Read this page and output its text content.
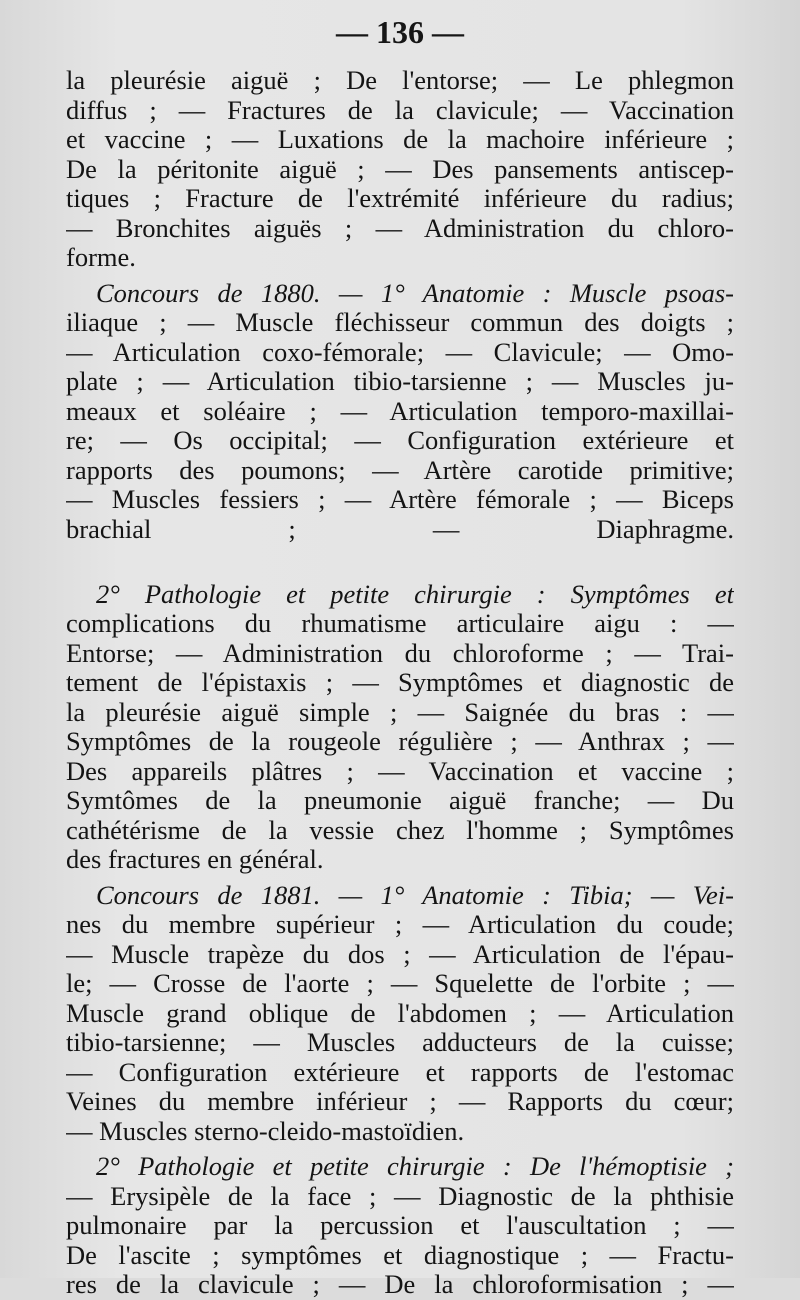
— 136 —
la pleurésie aiguë ; De l'entorse; — Le phlegmon
diffus ; — Fractures de la clavicule; — Vaccination
et vaccine ; — Luxations de la machoire inférieure ;
De la péritonite aiguë ; — Des pansements antiscep-
tiques ; Fracture de l'extrémité inférieure du radius;
— Bronchites aiguës ; — Administration du chloro-
forme.
Concours de 1880. — 1° Anatomie : Muscle psoas-
iliaque ; — Muscle fléchisseur commun des doigts ;
— Articulation coxo-fémorale; — Clavicule; — Omo-
plate ; — Articulation tibio-tarsienne ; — Muscles ju-
meaux et soléaire ; — Articulation temporo-maxillai-
re; — Os occipital; — Configuration extérieure et
rapports des poumons; — Artère carotide primitive;
— Muscles fessiers ; — Artère fémorale ; — Biceps
brachial ; — Diaphragme.
2° Pathologie et petite chirurgie : Symptômes et
complications du rhumatisme articulaire aigu : —
Entorse; — Administration du chloroforme ; — Trai-
tement de l'épistaxis ; — Symptômes et diagnostic de
la pleurésie aiguë simple ; — Saignée du bras : —
Symptômes de la rougeole régulière ; — Anthrax ; —
Des appareils plâtres ; — Vaccination et vaccine ;
Symtômes de la pneumonie aiguë franche; — Du
cathétérisme de la vessie chez l'homme ; Symptômes
des fractures en général.
Concours de 1881. — 1° Anatomie : Tibia; — Vei-
nes du membre supérieur ; — Articulation du coude;
— Muscle trapèze du dos ; — Articulation de l'épau-
le; — Crosse de l'aorte ; — Squelette de l'orbite ; —
Muscle grand oblique de l'abdomen ; — Articulation
tibio-tarsienne; — Muscles adducteurs de la cuisse;
— Configuration extérieure et rapports de l'estomac
Veines du membre inférieur ; — Rapports du cœur;
— Muscles sterno-cleido-mastoïdien.
2° Pathologie et petite chirurgie : De l'hémoptisie ;
— Erysipèle de la face ; — Diagnostic de la phthisie
pulmonaire par la percussion et l'auscultation ; —
De l'ascite ; symptômes et diagnostique ; — Fractu-
res de la clavicule ; — De la chloroformisation ; —
